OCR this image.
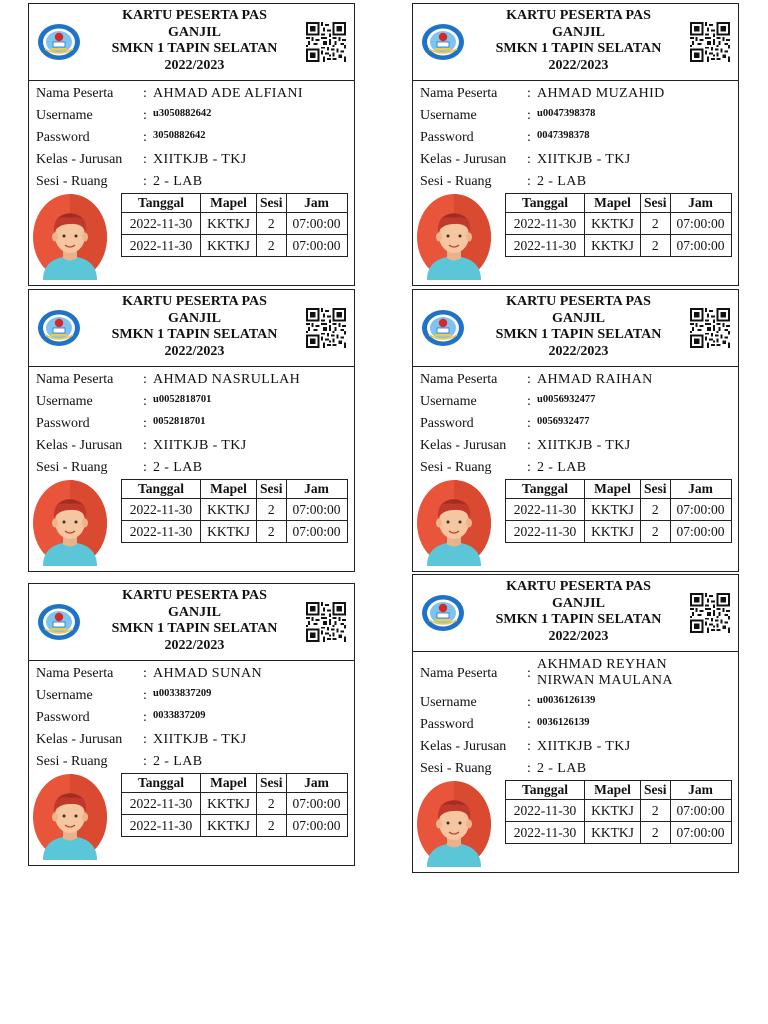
KARTU PESERTA PAS
GANJIL
SMKN 1 TAPIN SELATAN
2022/2023
Nama Peserta	: AHMAD ADE ALFIANI
Username	: u3050882642
Password	: 3050882642
Kelas - Jurusan	: XIITKJB - TKJ
Sesi - Ruang	: 2 - LAB
Tanggal	Mapel	Sesi	Jam
2022-11-30	KKTKJ	2	07:00:00
2022-11-30	KKTKJ	2	07:00:00
KARTU PESERTA PAS
GANJIL
SMKN 1 TAPIN SELATAN
2022/2023
Nama Peserta	: AHMAD MUZAHID
Username	: u0047398378
Password	: 0047398378
Kelas - Jurusan	: XIITKJB - TKJ
Sesi - Ruang	: 2 - LAB
Tanggal	Mapel	Sesi	Jam
2022-11-30	KKTKJ	2	07:00:00
2022-11-30	KKTKJ	2	07:00:00
KARTU PESERTA PAS
GANJIL
SMKN 1 TAPIN SELATAN
2022/2023
Nama Peserta	: AHMAD NASRULLAH
Username	: u0052818701
Password	: 0052818701
Kelas - Jurusan	: XIITKJB - TKJ
Sesi - Ruang	: 2 - LAB
Tanggal	Mapel	Sesi	Jam
2022-11-30	KKTKJ	2	07:00:00
2022-11-30	KKTKJ	2	07:00:00
KARTU PESERTA PAS
GANJIL
SMKN 1 TAPIN SELATAN
2022/2023
Nama Peserta	: AHMAD RAIHAN
Username	: u0056932477
Password	: 0056932477
Kelas - Jurusan	: XIITKJB - TKJ
Sesi - Ruang	: 2 - LAB
Tanggal	Mapel	Sesi	Jam
2022-11-30	KKTKJ	2	07:00:00
2022-11-30	KKTKJ	2	07:00:00
KARTU PESERTA PAS
GANJIL
SMKN 1 TAPIN SELATAN
2022/2023
Nama Peserta	: AHMAD SUNAN
Username	: u0033837209
Password	: 0033837209
Kelas - Jurusan	: XIITKJB - TKJ
Sesi - Ruang	: 2 - LAB
Tanggal	Mapel	Sesi	Jam
2022-11-30	KKTKJ	2	07:00:00
2022-11-30	KKTKJ	2	07:00:00
KARTU PESERTA PAS
GANJIL
SMKN 1 TAPIN SELATAN
2022/2023
Nama Peserta	:
AKHMAD REYHAN
NIRWAN MAULANA
Username	: u0036126139
Password	: 0036126139
Kelas - Jurusan	: XIITKJB - TKJ
Sesi - Ruang	: 2 - LAB
Tanggal	Mapel	Sesi	Jam
2022-11-30	KKTKJ	2	07:00:00
2022-11-30	KKTKJ	2	07:00:00
